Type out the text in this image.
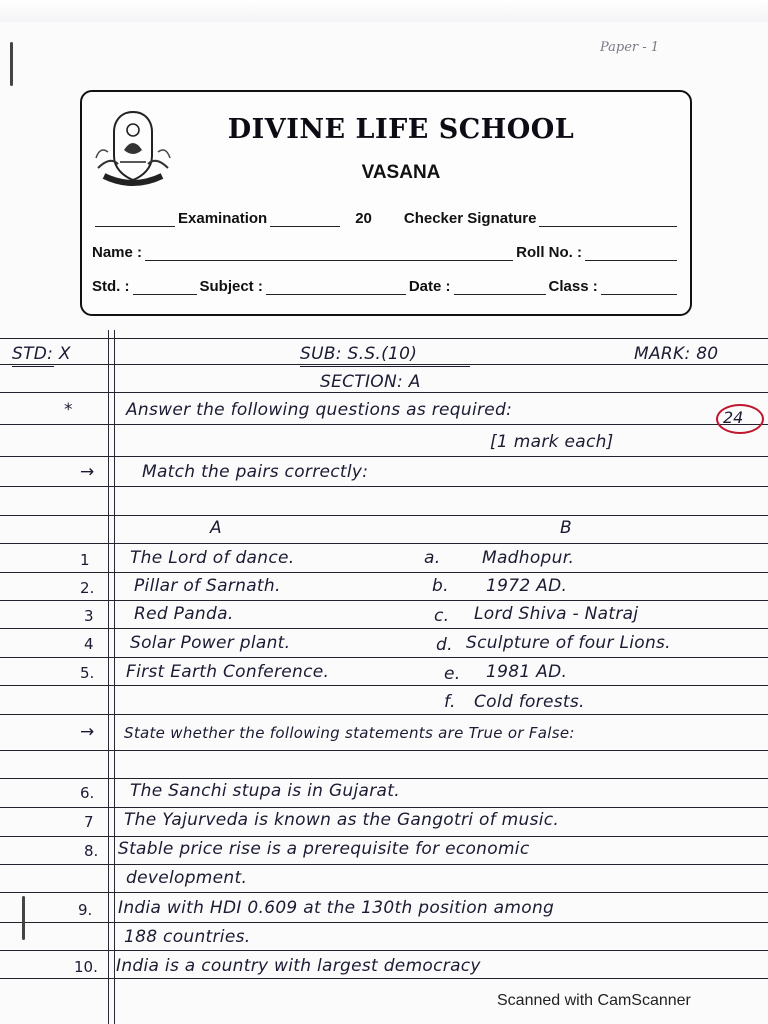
Paper - 1
DIVINE LIFE SCHOOL
VASANA
Examination	20 Checker Signature
Name :	Roll No. :
Std. :	Subject :	Date :	Class :
STD: X	SUB: S.S.(10)	MARK: 80
SECTION: A
*	Answer the following questions as required:	24
[1 mark each]
→	Match the pairs correctly:
A	B
1 The Lord of dance.	a. Madhopur.
2. Pillar of Sarnath.	b. 1972 AD.
3 Red Panda.	c. Lord Shiva - Natraj
4 Solar Power plant.	d. Sculpture of four Lions.
5. First Earth Conference.	e. 1981 AD.
f. Cold forests.
→ State whether the following statements are True or False:
6. The Sanchi stupa is in Gujarat.
7 The Yajurveda is known as the Gangotri of music.
8. Stable price rise is a prerequisite for economic
development.
9. India with HDI 0.609 at the 130th position among
188 countries.
10. India is a country with largest democracy
Scanned with CamScanner
